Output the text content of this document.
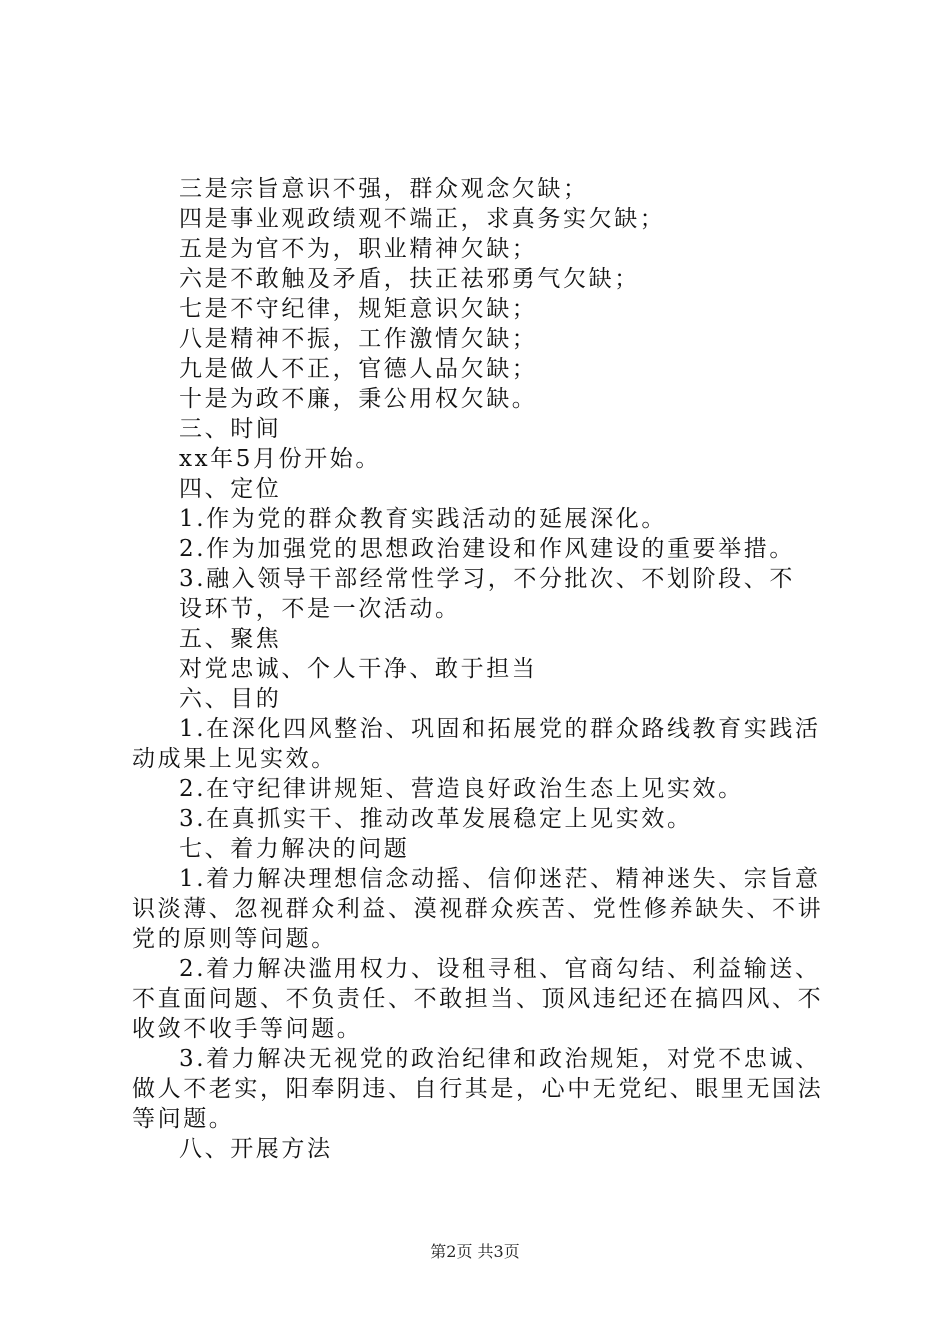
三是宗旨意识不强，群众观念欠缺；
四是事业观政绩观不端正，求真务实欠缺；
五是为官不为，职业精神欠缺；
六是不敢触及矛盾，扶正祛邪勇气欠缺；
七是不守纪律，规矩意识欠缺；
八是精神不振，工作激情欠缺；
九是做人不正，官德人品欠缺；
十是为政不廉，秉公用权欠缺。
三、时间
xx年5月份开始。
四、定位
1.作为党的群众教育实践活动的延展深化。
2.作为加强党的思想政治建设和作风建设的重要举措。
3.融入领导干部经常性学习，不分批次、不划阶段、不
设环节，不是一次活动。
五、聚焦
对党忠诚、个人干净、敢于担当
六、目的
1.在深化四风整治、巩固和拓展党的群众路线教育实践活
动成果上见实效。
2.在守纪律讲规矩、营造良好政治生态上见实效。
3.在真抓实干、推动改革发展稳定上见实效。
七、着力解决的问题
1.着力解决理想信念动摇、信仰迷茫、精神迷失、宗旨意
识淡薄、忽视群众利益、漠视群众疾苦、党性修养缺失、不讲
党的原则等问题。
2.着力解决滥用权力、设租寻租、官商勾结、利益输送、
不直面问题、不负责任、不敢担当、顶风违纪还在搞四风、不
收敛不收手等问题。
3.着力解决无视党的政治纪律和政治规矩，对党不忠诚、
做人不老实，阳奉阴违、自行其是，心中无党纪、眼里无国法
等问题。
八、开展方法
第2页 共3页
